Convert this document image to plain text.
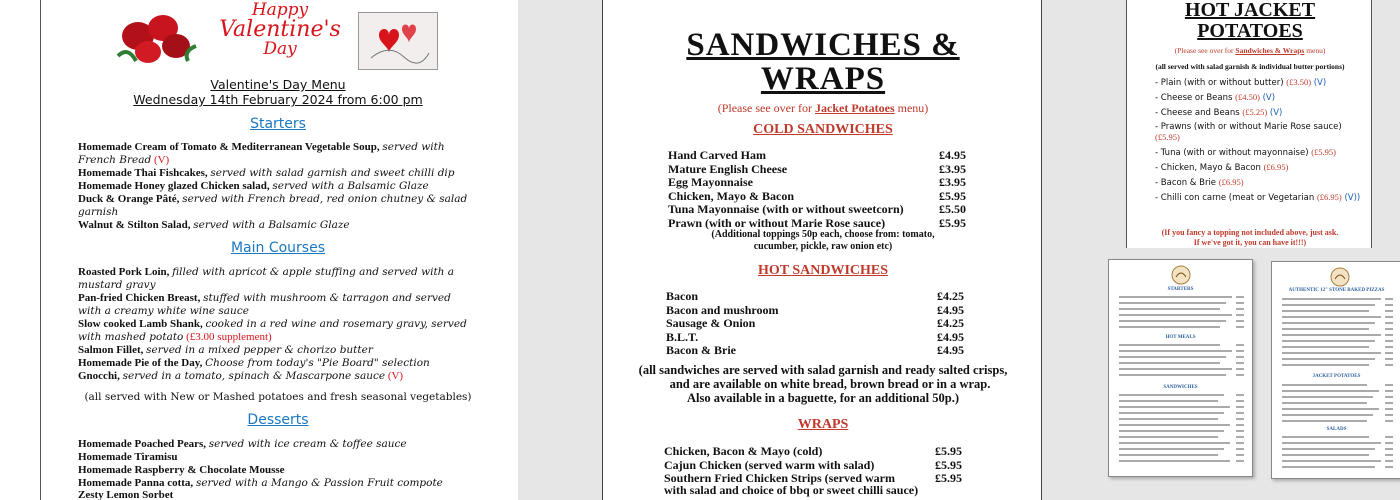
Happy
Valentine's
Day
Valentine's Day Menu
Wednesday 14th February 2024 from 6:00 pm
Starters
Homemade Cream of Tomato & Mediterranean Vegetable Soup, served with French Bread (V)
Homemade Thai Fishcakes, served with salad garnish and sweet chilli dip
Homemade Honey glazed Chicken salad, served with a Balsamic Glaze
Duck & Orange Pâté, served with French bread, red onion chutney & salad garnish
Walnut & Stilton Salad, served with a Balsamic Glaze
Main Courses
Roasted Pork Loin, filled with apricot & apple stuffing and served with a mustard gravy
Pan-fried Chicken Breast, stuffed with mushroom & tarragon and served with a creamy white wine sauce
Slow cooked Lamb Shank, cooked in a red wine and rosemary gravy, served with mashed potato (£3.00 supplement)
Salmon Fillet, served in a mixed pepper & chorizo butter
Homemade Pie of the Day, Choose from today's "Pie Board" selection
Gnocchi, served in a tomato, spinach & Mascarpone sauce (V)
(all served with New or Mashed potatoes and fresh seasonal vegetables)
Desserts
Homemade Poached Pears, served with ice cream & toffee sauce
Homemade Tiramisu
Homemade Raspberry & Chocolate Mousse
Homemade Panna cotta, served with a Mango & Passion Fruit compote
Zesty Lemon Sorbet
SANDWICHES &
WRAPS
(Please see over for Jacket Potatoes menu)
COLD SANDWICHES
Hand Carved Ham	£4.95
Mature English Cheese	£3.95
Egg Mayonnaise	£3.95
Chicken, Mayo & Bacon	£5.95
Tuna Mayonnaise (with or without sweetcorn)	£5.50
Prawn (with or without Marie Rose sauce)	£5.95
(Additional toppings 50p each, choose from: tomato,
cucumber, pickle, raw onion etc)
HOT SANDWICHES
Bacon	£4.25
Bacon and mushroom	£4.95
Sausage & Onion	£4.25
B.L.T.	£4.95
Bacon & Brie	£4.95
(all sandwiches are served with salad garnish and ready salted crisps,
and are available on white bread, brown bread or in a wrap.
Also available in a baguette, for an additional 50p.)
WRAPS
Chicken, Bacon & Mayo (cold)	£5.95
Cajun Chicken (served warm with salad)	£5.95
Southern Fried Chicken Strips (served warm	£5.95
with salad and choice of bbq or sweet chilli sauce)
HOT JACKET
POTATOES
(Please see over for Sandwiches & Wraps menu)
(all served with salad garnish & individual butter portions)
- Plain (with or without butter) (£3.50) (V)
- Cheese or Beans (£4.50) (V)
- Cheese and Beans (£5.25) (V)
- Prawns (with or without Marie Rose sauce) (£5.95)
- Tuna (with or without mayonnaise) (£5.95)
- Chicken, Mayo & Bacon (£6.95)
- Bacon & Brie (£6.95)
- Chilli con carne (meat or Vegetarian (£6.95) (V))
(If you fancy a topping not included above, just ask.
If we've got it, you can have it!!!)
STARTERS
HOT MEALS
SANDWICHES
AUTHENTIC 12" STONE BAKED PIZZAS
JACKET POTATOES
SALADS
